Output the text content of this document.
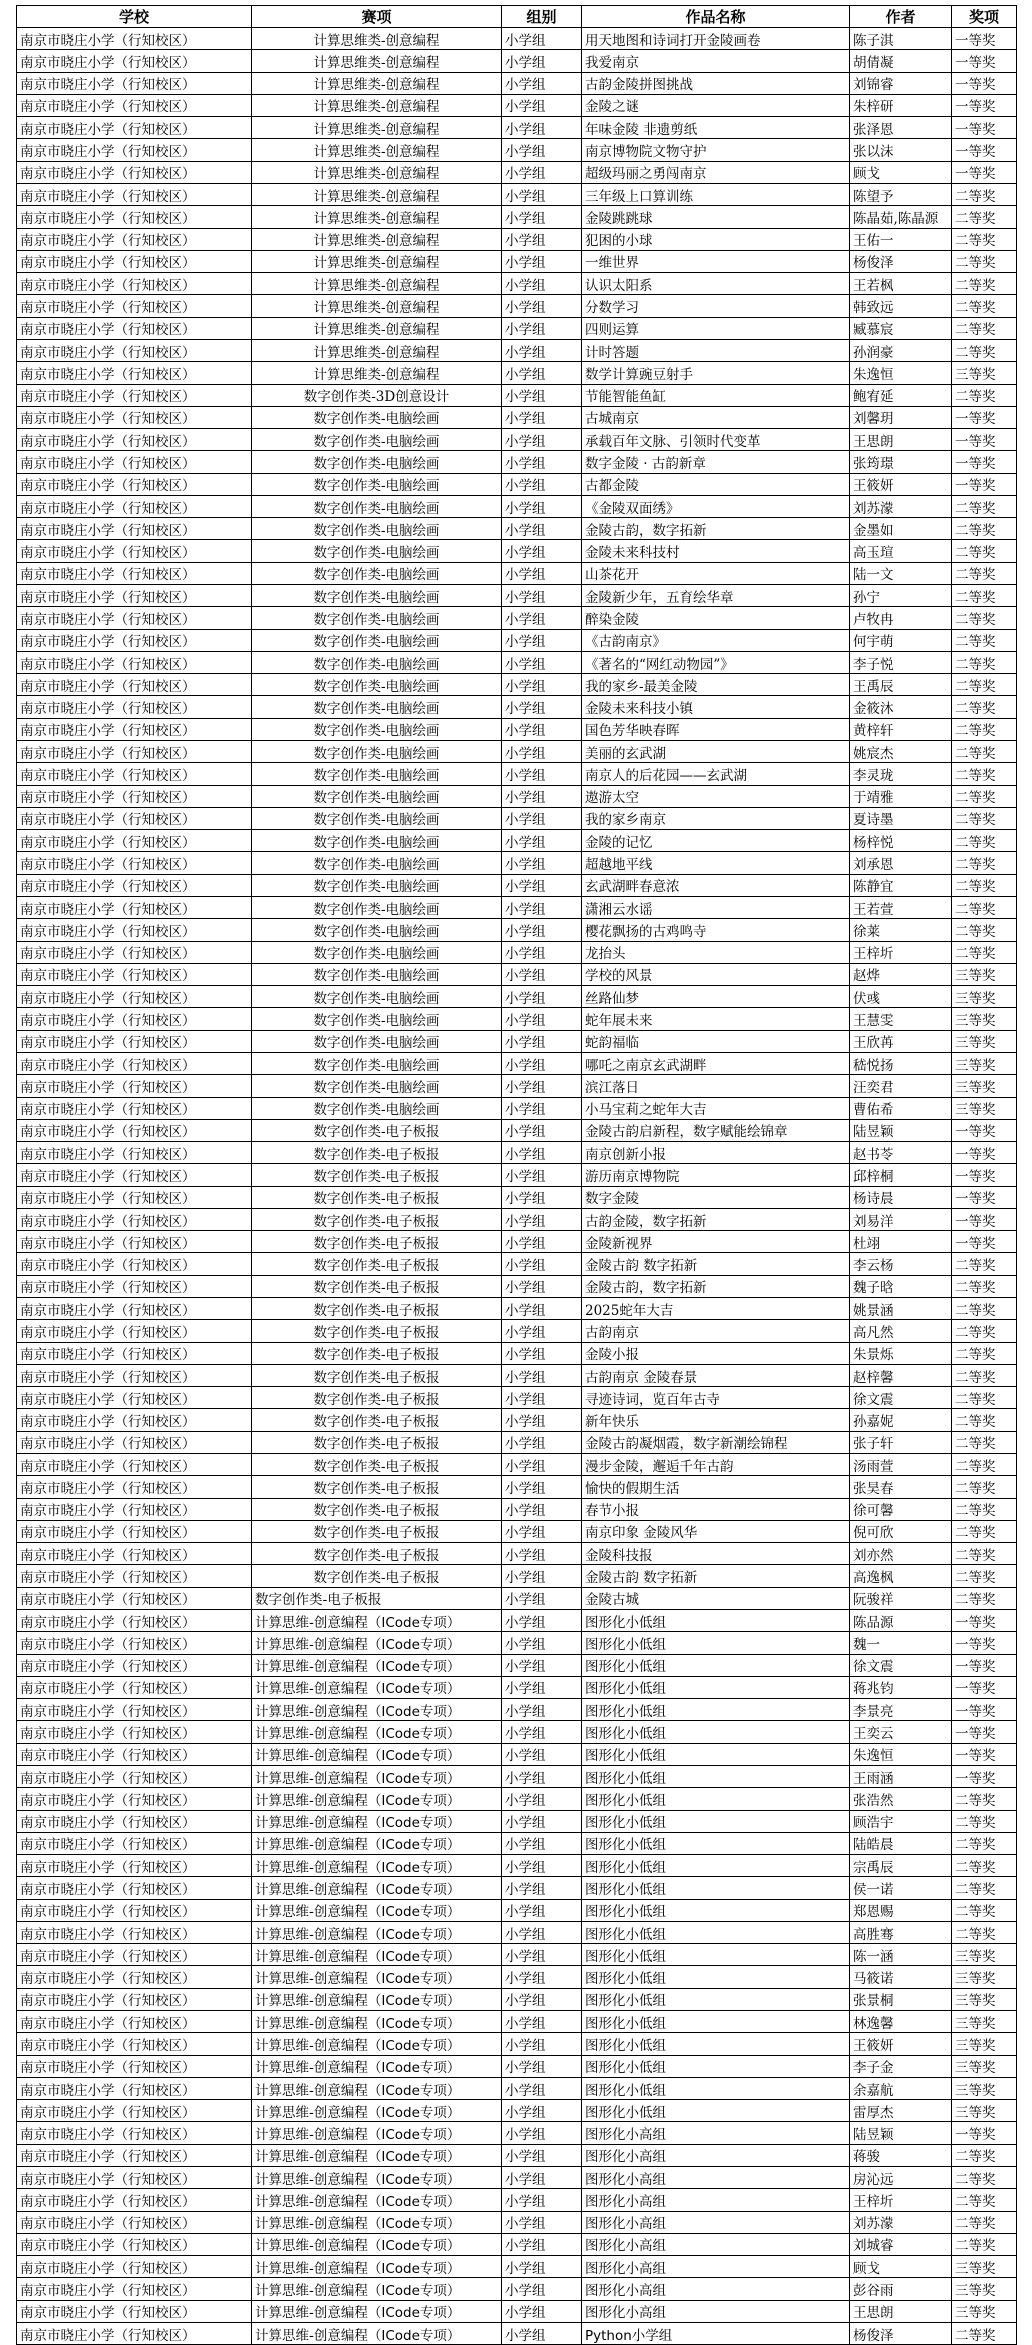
学校	赛项	组别	作品名称	作者	奖项
南京市晓庄小学（行知校区）	计算思维类-创意编程	小学组	用天地图和诗词打开金陵画卷	陈子淇	一等奖
南京市晓庄小学（行知校区）	计算思维类-创意编程	小学组	我爱南京	胡倩凝	一等奖
南京市晓庄小学（行知校区）	计算思维类-创意编程	小学组	古韵金陵拼图挑战	刘锦睿	一等奖
南京市晓庄小学（行知校区）	计算思维类-创意编程	小学组	金陵之谜	朱梓研	一等奖
南京市晓庄小学（行知校区）	计算思维类-创意编程	小学组	年味金陵 非遗剪纸	张泽恩	一等奖
南京市晓庄小学（行知校区）	计算思维类-创意编程	小学组	南京博物院文物守护	张以沫	一等奖
南京市晓庄小学（行知校区）	计算思维类-创意编程	小学组	超级玛丽之勇闯南京	顾戈	一等奖
南京市晓庄小学（行知校区）	计算思维类-创意编程	小学组	三年级上口算训练	陈望予	二等奖
南京市晓庄小学（行知校区）	计算思维类-创意编程	小学组	金陵跳跳球	陈晶茹,陈晶源	二等奖
南京市晓庄小学（行知校区）	计算思维类-创意编程	小学组	犯困的小球	王佑一	二等奖
南京市晓庄小学（行知校区）	计算思维类-创意编程	小学组	一维世界	杨俊泽	二等奖
南京市晓庄小学（行知校区）	计算思维类-创意编程	小学组	认识太阳系	王若枫	二等奖
南京市晓庄小学（行知校区）	计算思维类-创意编程	小学组	分数学习	韩致远	二等奖
南京市晓庄小学（行知校区）	计算思维类-创意编程	小学组	四则运算	臧慕宸	二等奖
南京市晓庄小学（行知校区）	计算思维类-创意编程	小学组	计时答题	孙润豪	二等奖
南京市晓庄小学（行知校区）	计算思维类-创意编程	小学组	数学计算豌豆射手	朱逸恒	三等奖
南京市晓庄小学（行知校区）	数字创作类-3D创意设计	小学组	节能智能鱼缸	鲍宥延	二等奖
南京市晓庄小学（行知校区）	数字创作类-电脑绘画	小学组	古城南京	刘馨玥	一等奖
南京市晓庄小学（行知校区）	数字创作类-电脑绘画	小学组	承载百年文脉、引领时代变革	王思朗	一等奖
南京市晓庄小学（行知校区）	数字创作类-电脑绘画	小学组	数字金陵 · 古韵新章	张筠璟	一等奖
南京市晓庄小学（行知校区）	数字创作类-电脑绘画	小学组	古都金陵	王筱妍	一等奖
南京市晓庄小学（行知校区）	数字创作类-电脑绘画	小学组	《金陵双面绣》	刘苏濛	二等奖
南京市晓庄小学（行知校区）	数字创作类-电脑绘画	小学组	金陵古韵，数字拓新	金墨如	二等奖
南京市晓庄小学（行知校区）	数字创作类-电脑绘画	小学组	金陵未来科技村	高玉瑄	二等奖
南京市晓庄小学（行知校区）	数字创作类-电脑绘画	小学组	山茶花开	陆一文	二等奖
南京市晓庄小学（行知校区）	数字创作类-电脑绘画	小学组	金陵新少年，五育绘华章	孙宁	二等奖
南京市晓庄小学（行知校区）	数字创作类-电脑绘画	小学组	醉染金陵	卢牧冉	二等奖
南京市晓庄小学（行知校区）	数字创作类-电脑绘画	小学组	《古韵南京》	何宇萌	二等奖
南京市晓庄小学（行知校区）	数字创作类-电脑绘画	小学组	《著名的“网红动物园”》	李子悦	二等奖
南京市晓庄小学（行知校区）	数字创作类-电脑绘画	小学组	我的家乡-最美金陵	王禹辰	二等奖
南京市晓庄小学（行知校区）	数字创作类-电脑绘画	小学组	金陵未来科技小镇	金筱沐	二等奖
南京市晓庄小学（行知校区）	数字创作类-电脑绘画	小学组	国色芳华映春晖	黄梓轩	二等奖
南京市晓庄小学（行知校区）	数字创作类-电脑绘画	小学组	美丽的玄武湖	姚宸杰	二等奖
南京市晓庄小学（行知校区）	数字创作类-电脑绘画	小学组	南京人的后花园——玄武湖	李灵珑	二等奖
南京市晓庄小学（行知校区）	数字创作类-电脑绘画	小学组	遨游太空	于靖雅	二等奖
南京市晓庄小学（行知校区）	数字创作类-电脑绘画	小学组	我的家乡南京	夏诗墨	二等奖
南京市晓庄小学（行知校区）	数字创作类-电脑绘画	小学组	金陵的记忆	杨梓悦	二等奖
南京市晓庄小学（行知校区）	数字创作类-电脑绘画	小学组	超越地平线	刘承恩	二等奖
南京市晓庄小学（行知校区）	数字创作类-电脑绘画	小学组	玄武湖畔春意浓	陈静宜	二等奖
南京市晓庄小学（行知校区）	数字创作类-电脑绘画	小学组	潇湘云水谣	王若萱	二等奖
南京市晓庄小学（行知校区）	数字创作类-电脑绘画	小学组	樱花飘扬的古鸡鸣寺	徐莱	二等奖
南京市晓庄小学（行知校区）	数字创作类-电脑绘画	小学组	龙抬头	王梓圻	二等奖
南京市晓庄小学（行知校区）	数字创作类-电脑绘画	小学组	学校的风景	赵烨	三等奖
南京市晓庄小学（行知校区）	数字创作类-电脑绘画	小学组	丝路仙梦	伏彧	三等奖
南京市晓庄小学（行知校区）	数字创作类-电脑绘画	小学组	蛇年展未来	王慧雯	三等奖
南京市晓庄小学（行知校区）	数字创作类-电脑绘画	小学组	蛇韵福临	王欣苒	三等奖
南京市晓庄小学（行知校区）	数字创作类-电脑绘画	小学组	哪吒之南京玄武湖畔	嵇悦扬	三等奖
南京市晓庄小学（行知校区）	数字创作类-电脑绘画	小学组	滨江落日	汪奕君	三等奖
南京市晓庄小学（行知校区）	数字创作类-电脑绘画	小学组	小马宝莉之蛇年大吉	曹佑希	三等奖
南京市晓庄小学（行知校区）	数字创作类-电子板报	小学组	金陵古韵启新程，数字赋能绘锦章	陆昱颖	一等奖
南京市晓庄小学（行知校区）	数字创作类-电子板报	小学组	南京创新小报	赵书苓	一等奖
南京市晓庄小学（行知校区）	数字创作类-电子板报	小学组	游历南京博物院	邱梓桐	一等奖
南京市晓庄小学（行知校区）	数字创作类-电子板报	小学组	数字金陵	杨诗晨	一等奖
南京市晓庄小学（行知校区）	数字创作类-电子板报	小学组	古韵金陵，数字拓新	刘易洋	一等奖
南京市晓庄小学（行知校区）	数字创作类-电子板报	小学组	金陵新视界	杜翊	一等奖
南京市晓庄小学（行知校区）	数字创作类-电子板报	小学组	金陵古韵 数字拓新	李云杨	二等奖
南京市晓庄小学（行知校区）	数字创作类-电子板报	小学组	金陵古韵，数字拓新	魏子晗	二等奖
南京市晓庄小学（行知校区）	数字创作类-电子板报	小学组	2025蛇年大吉	姚景涵	二等奖
南京市晓庄小学（行知校区）	数字创作类-电子板报	小学组	古韵南京	高凡然	二等奖
南京市晓庄小学（行知校区）	数字创作类-电子板报	小学组	金陵小报	朱景烁	二等奖
南京市晓庄小学（行知校区）	数字创作类-电子板报	小学组	古韵南京 金陵春景	赵梓馨	二等奖
南京市晓庄小学（行知校区）	数字创作类-电子板报	小学组	寻迹诗词，览百年古寺	徐文震	二等奖
南京市晓庄小学（行知校区）	数字创作类-电子板报	小学组	新年快乐	孙嘉妮	二等奖
南京市晓庄小学（行知校区）	数字创作类-电子板报	小学组	金陵古韵凝烟霞，数字新潮绘锦程	张子轩	二等奖
南京市晓庄小学（行知校区）	数字创作类-电子板报	小学组	漫步金陵，邂逅千年古韵	汤雨萱	二等奖
南京市晓庄小学（行知校区）	数字创作类-电子板报	小学组	愉快的假期生活	张昊春	二等奖
南京市晓庄小学（行知校区）	数字创作类-电子板报	小学组	春节小报	徐可馨	二等奖
南京市晓庄小学（行知校区）	数字创作类-电子板报	小学组	南京印象 金陵风华	倪可欣	二等奖
南京市晓庄小学（行知校区）	数字创作类-电子板报	小学组	金陵科技报	刘亦然	二等奖
南京市晓庄小学（行知校区）	数字创作类-电子板报	小学组	金陵古韵 数字拓新	高逸枫	二等奖
南京市晓庄小学（行知校区）	数字创作类-电子板报	小学组	金陵古城	阮骏祥	二等奖
南京市晓庄小学（行知校区）	计算思维-创意编程（ICode专项）	小学组	图形化小低组	陈品源	一等奖
南京市晓庄小学（行知校区）	计算思维-创意编程（ICode专项）	小学组	图形化小低组	魏一	一等奖
南京市晓庄小学（行知校区）	计算思维-创意编程（ICode专项）	小学组	图形化小低组	徐文震	一等奖
南京市晓庄小学（行知校区）	计算思维-创意编程（ICode专项）	小学组	图形化小低组	蒋兆钧	一等奖
南京市晓庄小学（行知校区）	计算思维-创意编程（ICode专项）	小学组	图形化小低组	李景亮	一等奖
南京市晓庄小学（行知校区）	计算思维-创意编程（ICode专项）	小学组	图形化小低组	王奕云	一等奖
南京市晓庄小学（行知校区）	计算思维-创意编程（ICode专项）	小学组	图形化小低组	朱逸恒	一等奖
南京市晓庄小学（行知校区）	计算思维-创意编程（ICode专项）	小学组	图形化小低组	王雨涵	一等奖
南京市晓庄小学（行知校区）	计算思维-创意编程（ICode专项）	小学组	图形化小低组	张浩然	二等奖
南京市晓庄小学（行知校区）	计算思维-创意编程（ICode专项）	小学组	图形化小低组	顾浩宇	二等奖
南京市晓庄小学（行知校区）	计算思维-创意编程（ICode专项）	小学组	图形化小低组	陆皓晨	二等奖
南京市晓庄小学（行知校区）	计算思维-创意编程（ICode专项）	小学组	图形化小低组	宗禹辰	二等奖
南京市晓庄小学（行知校区）	计算思维-创意编程（ICode专项）	小学组	图形化小低组	侯一诺	二等奖
南京市晓庄小学（行知校区）	计算思维-创意编程（ICode专项）	小学组	图形化小低组	郑恩赐	二等奖
南京市晓庄小学（行知校区）	计算思维-创意编程（ICode专项）	小学组	图形化小低组	高胜骞	二等奖
南京市晓庄小学（行知校区）	计算思维-创意编程（ICode专项）	小学组	图形化小低组	陈一涵	三等奖
南京市晓庄小学（行知校区）	计算思维-创意编程（ICode专项）	小学组	图形化小低组	马筱诺	三等奖
南京市晓庄小学（行知校区）	计算思维-创意编程（ICode专项）	小学组	图形化小低组	张景桐	三等奖
南京市晓庄小学（行知校区）	计算思维-创意编程（ICode专项）	小学组	图形化小低组	林逸馨	三等奖
南京市晓庄小学（行知校区）	计算思维-创意编程（ICode专项）	小学组	图形化小低组	王筱妍	三等奖
南京市晓庄小学（行知校区）	计算思维-创意编程（ICode专项）	小学组	图形化小低组	李子金	三等奖
南京市晓庄小学（行知校区）	计算思维-创意编程（ICode专项）	小学组	图形化小低组	余嘉航	三等奖
南京市晓庄小学（行知校区）	计算思维-创意编程（ICode专项）	小学组	图形化小低组	雷厚杰	三等奖
南京市晓庄小学（行知校区）	计算思维-创意编程（ICode专项）	小学组	图形化小高组	陆昱颖	一等奖
南京市晓庄小学（行知校区）	计算思维-创意编程（ICode专项）	小学组	图形化小高组	蒋骏	二等奖
南京市晓庄小学（行知校区）	计算思维-创意编程（ICode专项）	小学组	图形化小高组	房沁远	二等奖
南京市晓庄小学（行知校区）	计算思维-创意编程（ICode专项）	小学组	图形化小高组	王梓圻	二等奖
南京市晓庄小学（行知校区）	计算思维-创意编程（ICode专项）	小学组	图形化小高组	刘苏濛	二等奖
南京市晓庄小学（行知校区）	计算思维-创意编程（ICode专项）	小学组	图形化小高组	刘城睿	二等奖
南京市晓庄小学（行知校区）	计算思维-创意编程（ICode专项）	小学组	图形化小高组	顾戈	三等奖
南京市晓庄小学（行知校区）	计算思维-创意编程（ICode专项）	小学组	图形化小高组	彭谷雨	三等奖
南京市晓庄小学（行知校区）	计算思维-创意编程（ICode专项）	小学组	图形化小高组	王思朗	三等奖
南京市晓庄小学（行知校区）	计算思维-创意编程（ICode专项）	小学组	Python小学组	杨俊泽	二等奖
